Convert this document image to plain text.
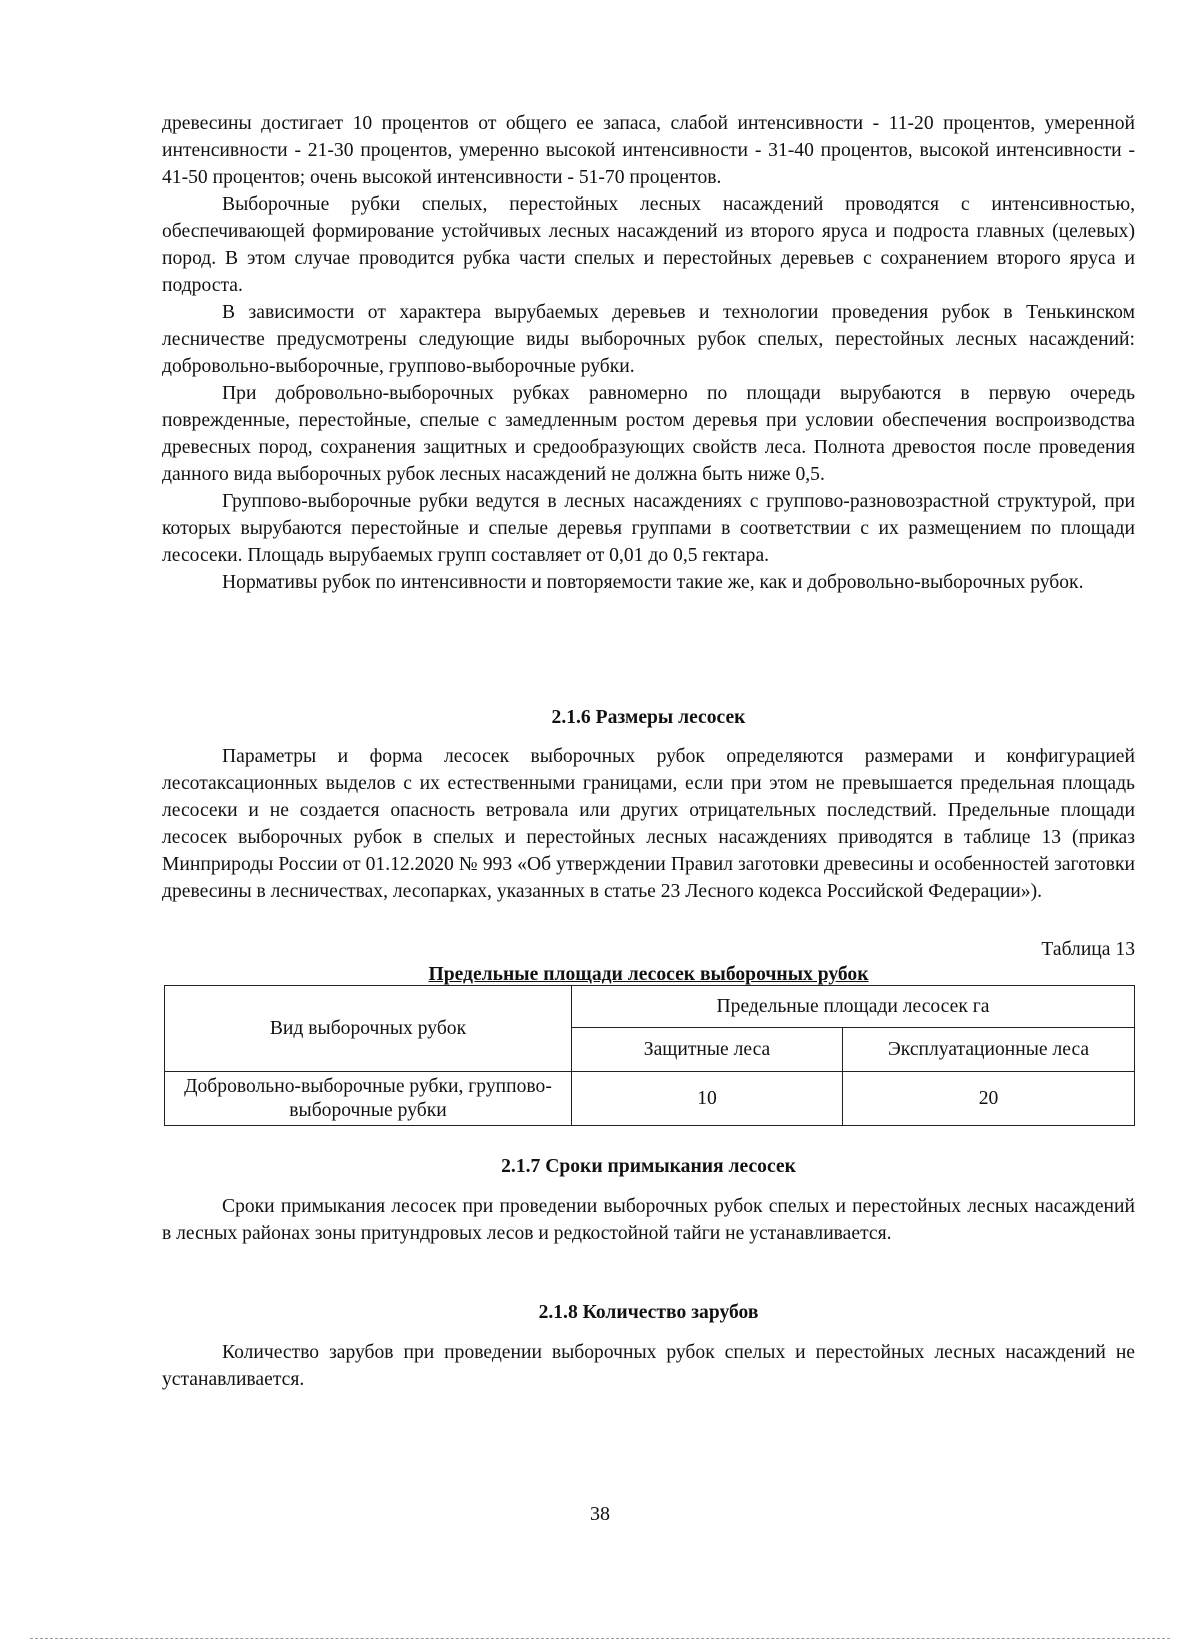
древесины достигает 10 процентов от общего ее запаса, слабой интенсивности - 11-20 процентов, умеренной интенсивности - 21-30 процентов, умеренно высокой интенсивности - 31-40 процентов, высокой интенсивности - 41-50 процентов; очень высокой интенсивности - 51-70 процентов.

Выборочные рубки спелых, перестойных лесных насаждений проводятся с интенсивностью, обеспечивающей формирование устойчивых лесных насаждений из второго яруса и подроста главных (целевых) пород. В этом случае проводится рубка части спелых и перестойных деревьев с сохранением второго яруса и подроста.

В зависимости от характера вырубаемых деревьев и технологии проведения рубок в Тенькинском лесничестве предусмотрены следующие виды выборочных рубок спелых, перестойных лесных насаждений: добровольно-выборочные, группово-выборочные рубки.

При добровольно-выборочных рубках равномерно по площади вырубаются в первую очередь поврежденные, перестойные, спелые с замедленным ростом деревья при условии обеспечения воспроизводства древесных пород, сохранения защитных и средообразующих свойств леса. Полнота древостоя после проведения данного вида выборочных рубок лесных насаждений не должна быть ниже 0,5.

Группово-выборочные рубки ведутся в лесных насаждениях с группово-разновозрастной структурой, при которых вырубаются перестойные и спелые деревья группами в соответствии с их размещением по площади лесосеки. Площадь вырубаемых групп составляет от 0,01 до 0,5 гектара.

Нормативы рубок по интенсивности и повторяемости такие же, как и добровольно-выборочных рубок.

2.1.6 Размеры лесосек

Параметры и форма лесосек выборочных рубок определяются размерами и конфигурацией лесотаксационных выделов с их естественными границами, если при этом не превышается предельная площадь лесосеки и не создается опасность ветровала или других отрицательных последствий. Предельные площади лесосек выборочных рубок в спелых и перестойных лесных насаждениях приводятся в таблице 13 (приказ Минприроды России от 01.12.2020 № 993 «Об утверждении Правил заготовки древесины и особенностей заготовки древесины в лесничествах, лесопарках, указанных в статье 23 Лесного кодекса Российской Федерации»).

Таблица 13
Предельные площади лесосек выборочных рубок
Вид выборочных рубок	Предельные площади лесосек га	
	Защитные леса	Эксплуатационные леса
Добровольно-выборочные рубки, группово-выборочные рубки	10	20
2.1.7 Сроки примыкания лесосек

Сроки примыкания лесосек при проведении выборочных рубок спелых и перестойных лесных насаждений в лесных районах зоны притундровых лесов и редкостойной тайги не устанавливается.

2.1.8 Количество зарубов

Количество зарубов при проведении выборочных рубок спелых и перестойных лесных насаждений не устанавливается.

38
